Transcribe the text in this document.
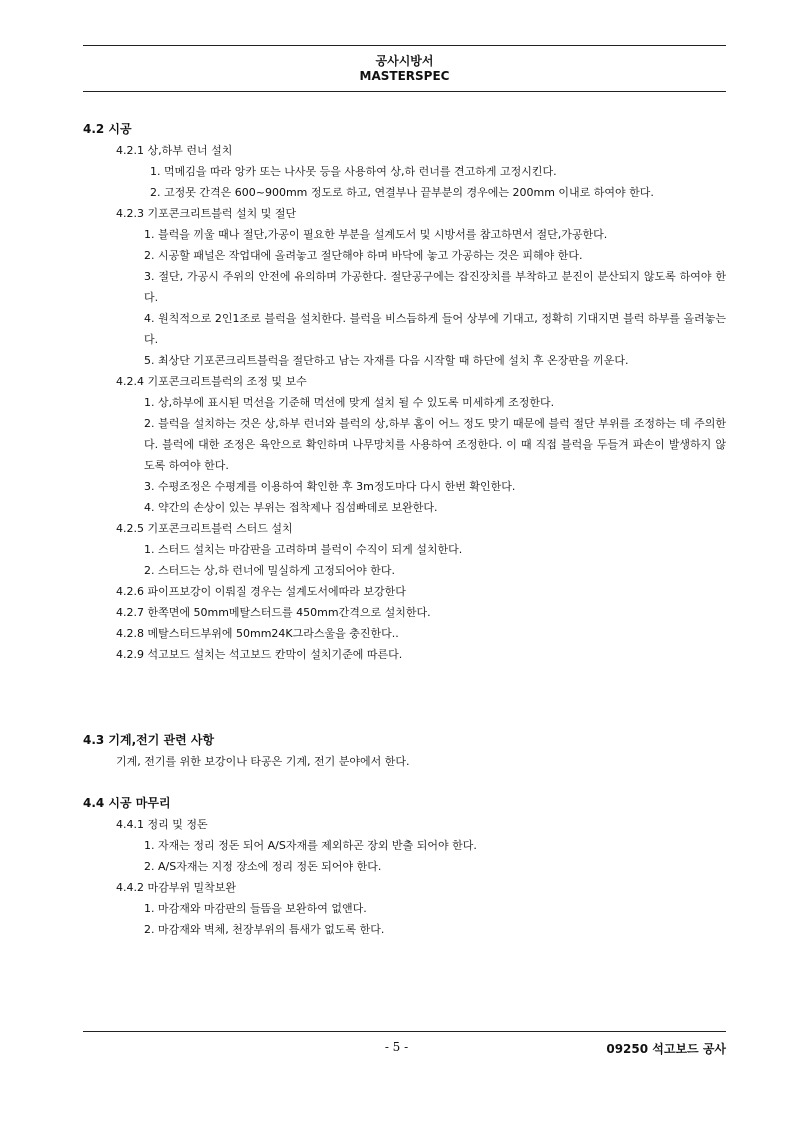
공사시방서
MASTERSPEC
4.2 시공
4.2.1 상,하부 런너 설치
1. 먹메김을 따라 앙카 또는 나사못 등을 사용하여 상,하 런너를 견고하게 고정시킨다.
2. 고정못 간격은 600~900mm 정도로 하고, 연결부나 끝부분의 경우에는 200mm 이내로 하여야 한다.
4.2.3 기포콘크리트블럭 설치 및 절단
1. 블럭을 끼울 때나 절단,가공이 필요한 부분을 설계도서 및 시방서를 참고하면서 절단,가공한다.
2. 시공할 패널은 작업대에 올려놓고 절단해야 하며 바닥에 놓고 가공하는 것은 피해야 한다.
3. 절단, 가공시 주위의 안전에 유의하며 가공한다. 절단공구에는 잡진장치를 부착하고 분진이 분산되지 않도록 하여야 한다.
4. 원칙적으로 2인1조로 블럭을 설치한다. 블럭을 비스듬하게 들어 상부에 기대고, 정확히 기대지면 블럭 하부를 올려놓는다.
5. 최상단 기포콘크리트블럭을 절단하고 남는 자재를 다음 시작할 때 하단에 설치 후 온장판을 끼운다.
4.2.4 기포콘크리트블럭의 조정 및 보수
1. 상,하부에 표시된 먹선을 기준해 먹선에 맞게 설치 될 수 있도록 미세하게 조정한다.
2. 블럭을 설치하는 것은 상,하부 런너와 블럭의 상,하부 홈이 어느 정도 맞기 때문에 블럭 절단 부위를 조정하는 데 주의한다. 블럭에 대한 조정은 육안으로 확인하며 나무망치를 사용하여 조정한다. 이 때 직접 블럭을 두들겨 파손이 발생하지 않도록 하여야 한다.
3. 수평조정은 수평계를 이용하여 확인한 후 3m정도마다 다시 한번 확인한다.
4. 약간의 손상이 있는 부위는 접착제나 집섬빠데로 보완한다.
4.2.5 기포콘크리트블럭 스터드 설치
1. 스터드 설치는 마감판을 고려하며 블럭이 수직이 되게 설치한다.
2. 스터드는 상,하 런너에 밀실하게 고정되어야 한다.
4.2.6 파이프보강이 이뤄질 경우는 설계도서에따라 보강한다
4.2.7 한쪽면에 50mm메탈스터드를 450mm간격으로 설치한다.
4.2.8 메탈스터드부위에 50mm24K그라스울을 충진한다..
4.2.9 석고보드 설치는 석고보드 칸막이 설치기준에 따른다.
4.3 기계,전기 관련 사항
기계, 전기를 위한 보강이나 타공은 기계, 전기 분야에서 한다.
4.4 시공 마무리
4.4.1 정리 및 정돈
1. 자재는 정리 정돈 되어 A/S자재를 제외하곤 장외 반출 되어야 한다.
2. A/S자재는 지정 장소에 정리 정돈 되어야 한다.
4.4.2 마감부위 밀착보완
1. 마감재와 마감판의 들뜸을 보완하여 없앤다.
2. 마감재와 벽체, 천장부위의 틈새가 없도록 한다.
- 5 -	09250 석고보드 공사
